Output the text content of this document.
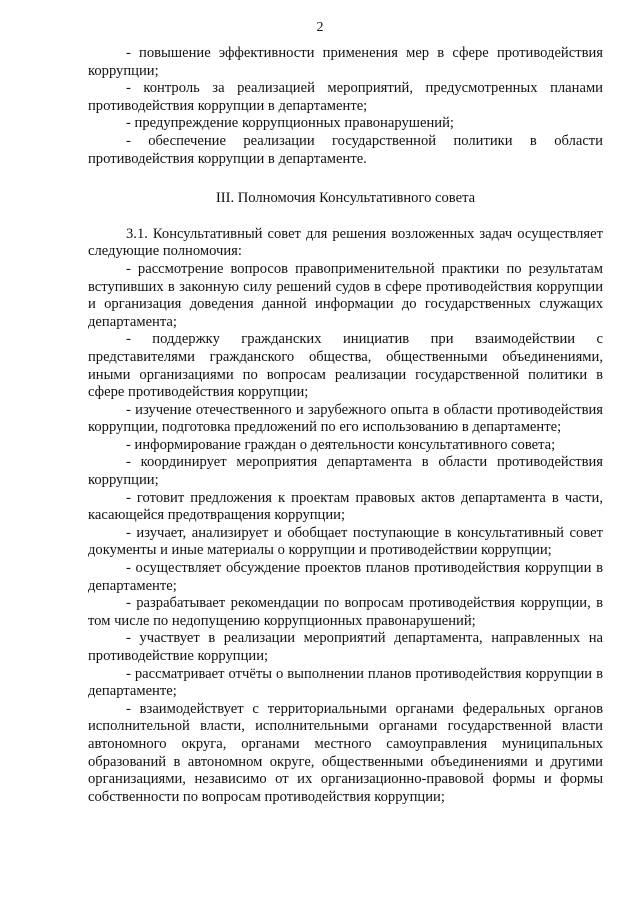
2

- повышение эффективности применения мер в сфере противодействия коррупции;

- контроль за реализацией мероприятий, предусмотренных планами противодействия коррупции в департаменте;

- предупреждение коррупционных правонарушений;

- обеспечение реализации государственной политики в области противодействия коррупции в департаменте.

III. Полномочия Консультативного совета

3.1. Консультативный совет для решения возложенных задач осуществляет следующие полномочия:

- рассмотрение вопросов правоприменительной практики по результатам вступивших в законную силу решений судов в сфере противодействия коррупции и организация доведения данной информации до государственных служащих департамента;

- поддержку гражданских инициатив при взаимодействии с представителями гражданского общества, общественными объединениями, иными организациями по вопросам реализации государственной политики в сфере противодействия коррупции;

- изучение отечественного и зарубежного опыта в области противодействия коррупции, подготовка предложений по его использованию в департаменте;

- информирование граждан о деятельности консультативного совета;

- координирует мероприятия департамента в области противодействия коррупции;

- готовит предложения к проектам правовых актов департамента в части, касающейся предотвращения коррупции;

- изучает, анализирует и обобщает поступающие в консультативный совет документы и иные материалы о коррупции и противодействии коррупции;

- осуществляет обсуждение проектов планов противодействия коррупции в департаменте;

- разрабатывает рекомендации по вопросам противодействия коррупции, в том числе по недопущению коррупционных правонарушений;

- участвует в реализации мероприятий департамента, направленных на противодействие коррупции;

- рассматривает отчёты о выполнении планов противодействия коррупции в департаменте;

- взаимодействует с территориальными органами федеральных органов исполнительной власти, исполнительными органами государственной власти автономного округа, органами местного самоуправления муниципальных образований в автономном округе, общественными объединениями и другими организациями, независимо от их организационно-правовой формы и формы собственности по вопросам противодействия коррупции;
